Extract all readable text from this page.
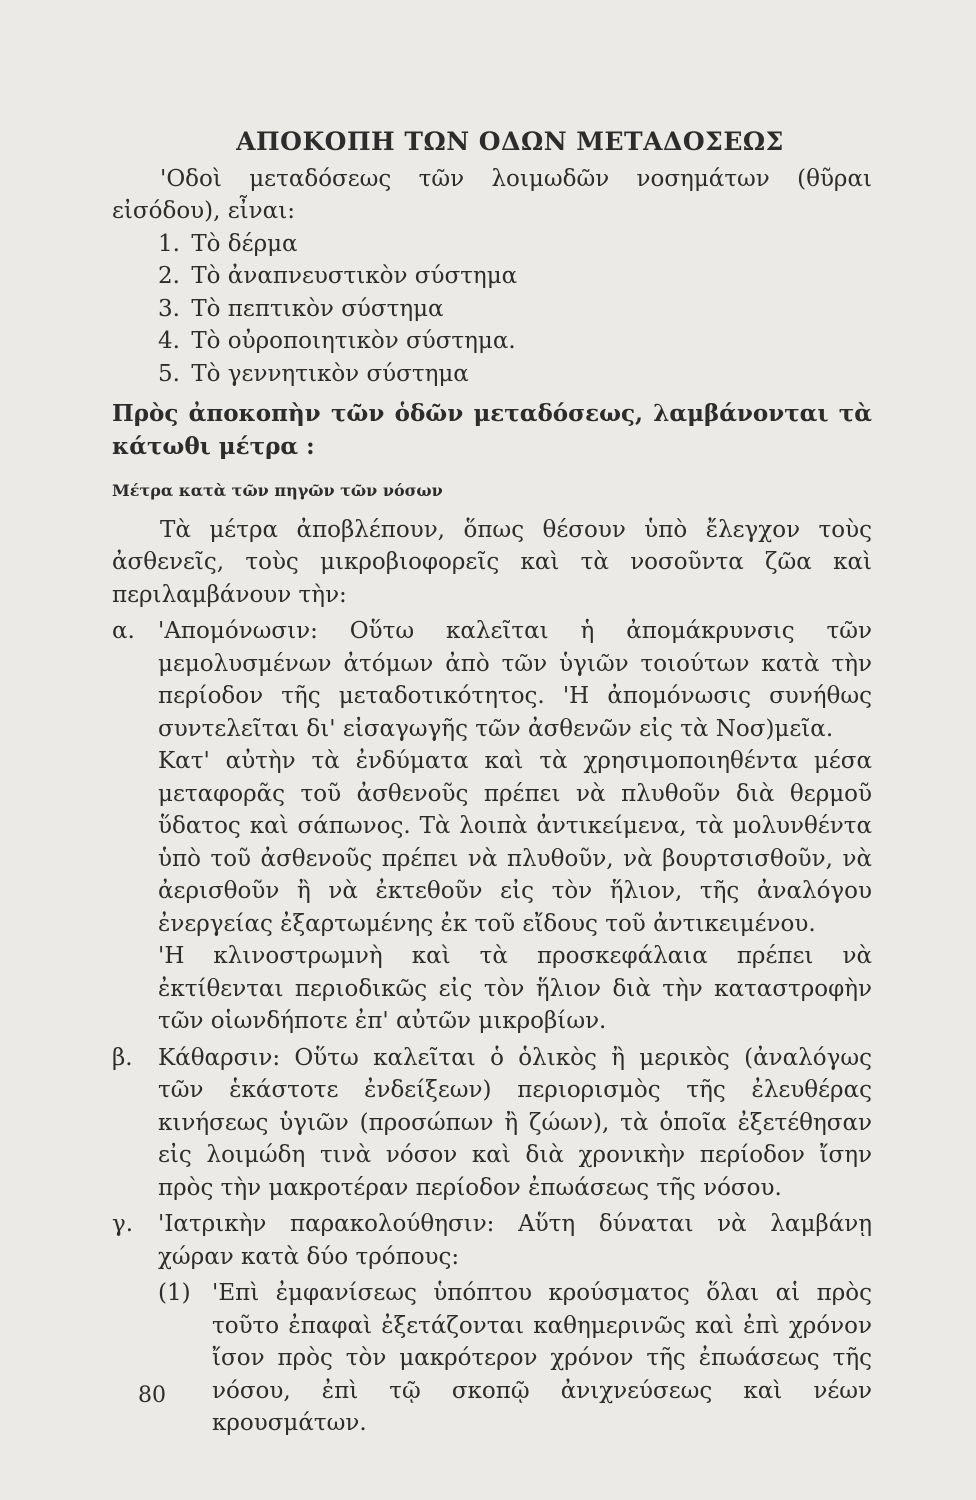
ΑΠΟΚΟΠΗ ΤΩΝ ΟΔΩΝ ΜΕΤΑΔΟΣΕΩΣ

'Οδοὶ μεταδόσεως τῶν λοιμωδῶν νοσημάτων (θῦραι εἰσόδου), εἶναι:

1. Τὸ δέρμα
2. Τὸ ἀναπνευστικὸν σύστημα
3. Τὸ πεπτικὸν σύστημα
4. Τὸ οὐροποιητικὸν σύστημα.
5. Τὸ γεννητικὸν σύστημα

Πρὸς ἀποκοπὴν τῶν ὁδῶν μεταδόσεως, λαμβάνονται τὰ κάτωθι μέτρα :

Μέτρα κατὰ τῶν πηγῶν τῶν νόσων

Τὰ μέτρα ἀποβλέπουν, ὅπως θέσουν ὑπὸ ἔλεγχον τοὺς ἀσθενεῖς, τοὺς μικροβιοφορεῖς καὶ τὰ νοσοῦντα ζῶα καὶ περιλαμβάνουν τὴν:

α. 'Απομόνωσιν: Οὕτω καλεῖται ἡ ἀπομάκρυνσις τῶν μεμολυσμένων ἀτόμων ἀπὸ τῶν ὑγιῶν τοιούτων κατὰ τὴν περίοδον τῆς μεταδοτικότητος. 'Η ἀπομόνωσις συνήθως συντελεῖται δι' εἰσαγωγῆς τῶν ἀσθενῶν εἰς τὰ Νοσ)μεῖα.

Κατ' αὐτὴν τὰ ἐνδύματα καὶ τὰ χρησιμοποιηθέντα μέσα μεταφορᾶς τοῦ ἀσθενοῦς πρέπει νὰ πλυθοῦν διὰ θερμοῦ ὕδατος καὶ σάπωνος. Τὰ λοιπὰ ἀντικείμενα, τὰ μολυνθέντα ὑπὸ τοῦ ἀσθενοῦς πρέπει νὰ πλυθοῦν, νὰ βουρτσισθοῦν, νὰ ἀερισθοῦν ἢ νὰ ἐκτεθοῦν εἰς τὸν ἥλιον, τῆς ἀναλόγου ἐνεργείας ἐξαρτωμένης ἐκ τοῦ εἴδους τοῦ ἀντικειμένου.

'Η κλινοστρωμνὴ καὶ τὰ προσκεφάλαια πρέπει νὰ ἐκτίθενται περιοδικῶς εἰς τὸν ἥλιον διὰ τὴν καταστροφὴν τῶν οἱωνδήποτε ἐπ' αὐτῶν μικροβίων.

β. Κάθαρσιν: Οὕτω καλεῖται ὁ ὁλικὸς ἢ μερικὸς (ἀναλόγως τῶν ἑκάστοτε ἐνδείξεων) περιορισμὸς τῆς ἐλευθέρας κινήσεως ὑγιῶν (προσώπων ἢ ζώων), τὰ ὁποῖα ἐξετέθησαν εἰς λοιμώδη τινὰ νόσον καὶ διὰ χρονικὴν περίοδον ἴσην πρὸς τὴν μακροτέραν περίοδον ἐπωάσεως τῆς νόσου.

γ. 'Ιατρικὴν παρακολούθησιν: Αὕτη δύναται νὰ λαμβάνῃ χώραν κατὰ δύο τρόπους:

(1) 'Επὶ ἐμφανίσεως ὑπόπτου κρούσματος ὅλαι αἱ πρὸς τοῦτο ἐπαφαὶ ἐξετάζονται καθημερινῶς καὶ ἐπὶ χρόνον ἴσον πρὸς τὸν μακρότερον χρόνον τῆς ἐπωάσεως τῆς νόσου, ἐπὶ τῷ σκοπῷ ἀνιχνεύσεως καὶ νέων κρουσμάτων.

80
